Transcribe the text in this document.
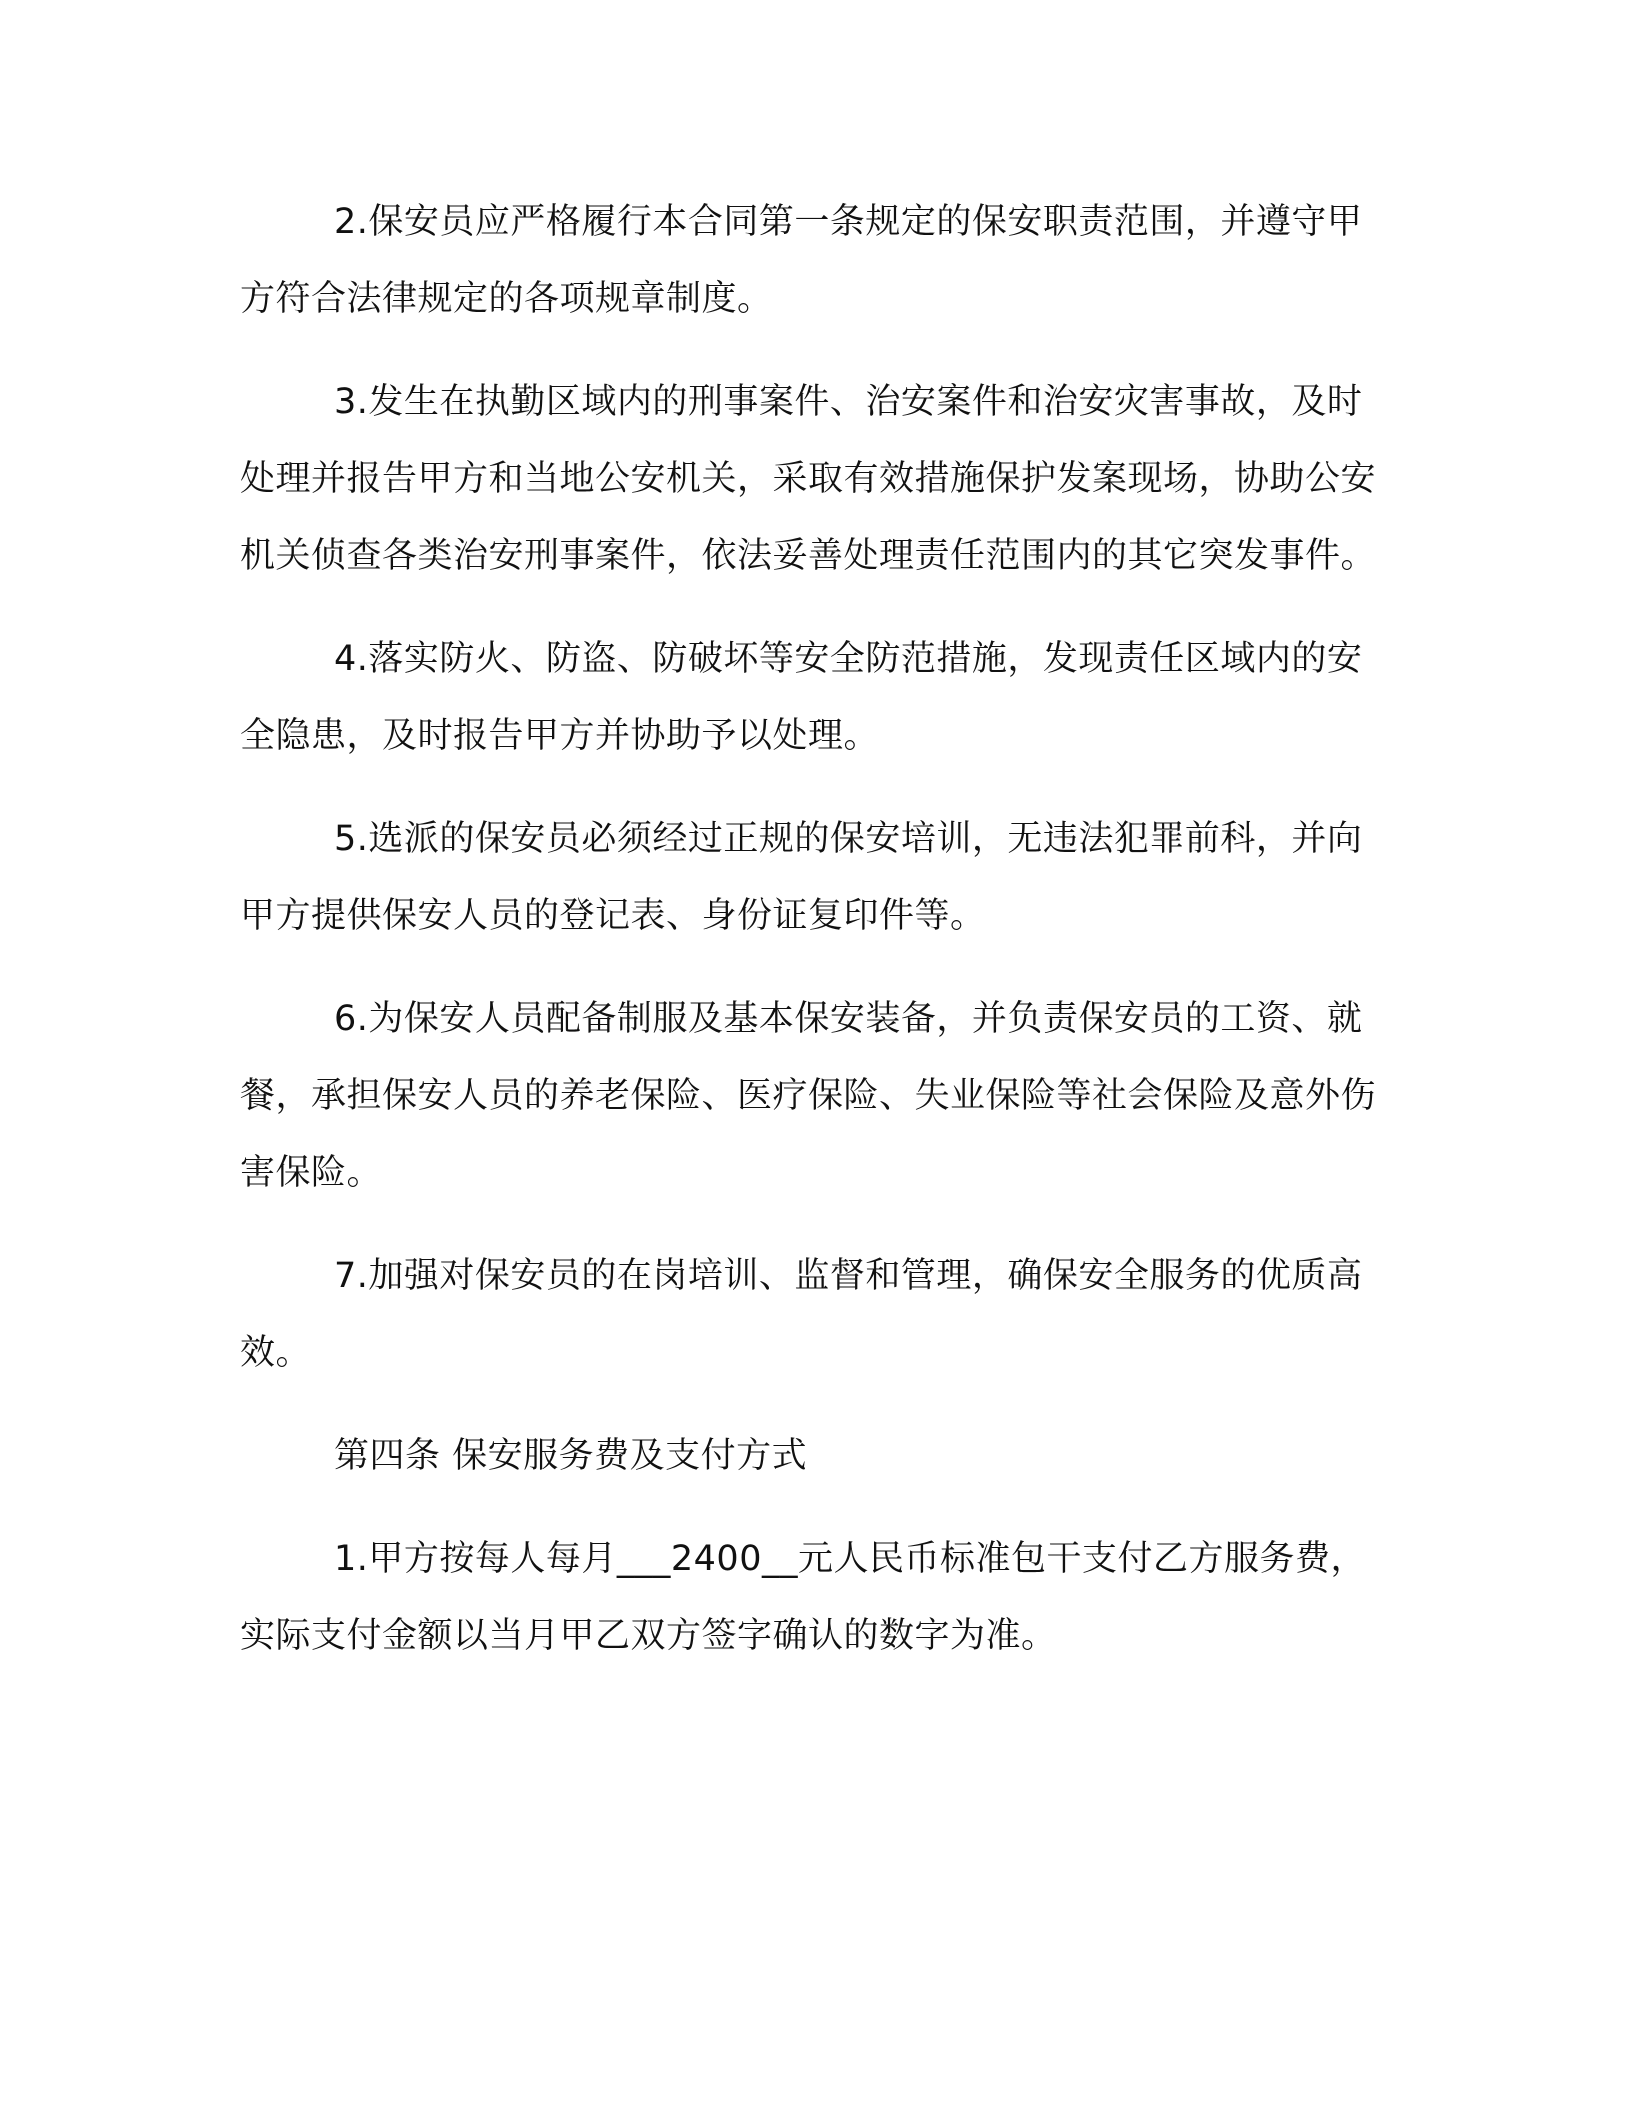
2.保安员应严格履行本合同第一条规定的保安职责范围，并遵守甲方符合法律规定的各项规章制度。

3.发生在执勤区域内的刑事案件、治安案件和治安灾害事故，及时处理并报告甲方和当地公安机关，采取有效措施保护发案现场，协助公安机关侦查各类治安刑事案件，依法妥善处理责任范围内的其它突发事件。

4.落实防火、防盗、防破坏等安全防范措施，发现责任区域内的安全隐患，及时报告甲方并协助予以处理。

5.选派的保安员必须经过正规的保安培训，无违法犯罪前科，并向甲方提供保安人员的登记表、身份证复印件等。

6.为保安人员配备制服及基本保安装备，并负责保安员的工资、就餐，承担保安人员的养老保险、医疗保险、失业保险等社会保险及意外伤害保险。

7.加强对保安员的在岗培训、监督和管理，确保安全服务的优质高效。

第四条 保安服务费及支付方式

1.甲方按每人每月___2400__元人民币标准包干支付乙方服务费，实际支付金额以当月甲乙双方签字确认的数字为准。
